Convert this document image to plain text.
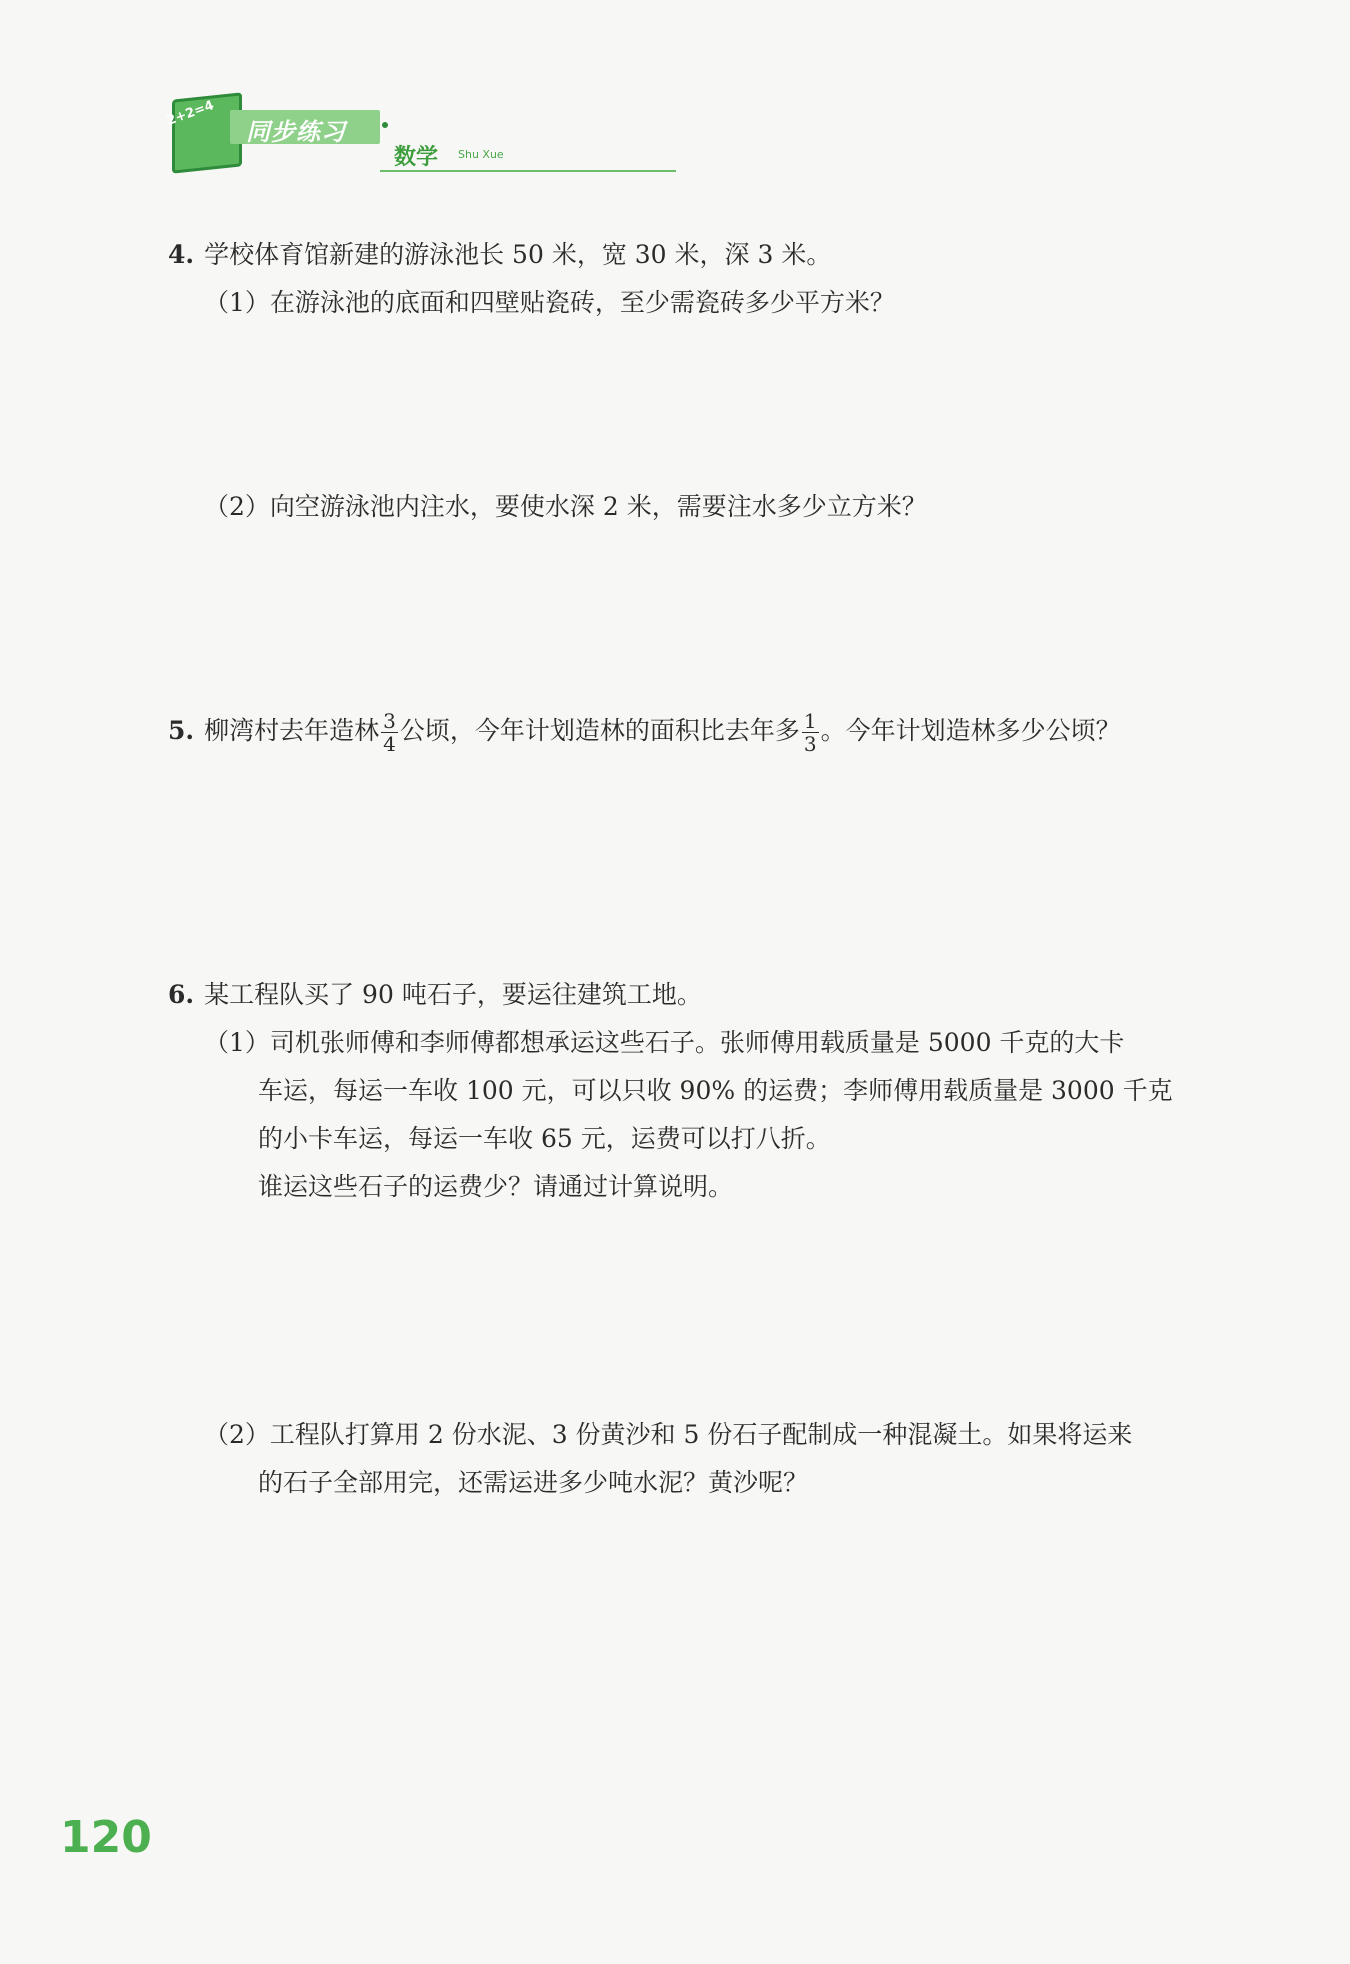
2+2=4
同步练习
数学 Shu Xue
4. 学校体育馆新建的游泳池长 50 米，宽 30 米，深 3 米。
（1）在游泳池的底面和四壁贴瓷砖，至少需瓷砖多少平方米？
（2）向空游泳池内注水，要使水深 2 米，需要注水多少立方米？
5. 柳湾村去年造林 $\frac{3}{4}$ 公顷，今年计划造林的面积比去年多 $\frac{1}{3}$ 。今年计划造林多少公顷？
6. 某工程队买了 90 吨石子，要运往建筑工地。
（1）司机张师傅和李师傅都想承运这些石子。张师傅用载质量是 5000 千克的大卡
车运，每运一车收 100 元，可以只收 90% 的运费；李师傅用载质量是 3000 千克
的小卡车运，每运一车收 65 元，运费可以打八折。
谁运这些石子的运费少？请通过计算说明。
（2）工程队打算用 2 份水泥、3 份黄沙和 5 份石子配制成一种混凝土。如果将运来
的石子全部用完，还需运进多少吨水泥？黄沙呢？
120
